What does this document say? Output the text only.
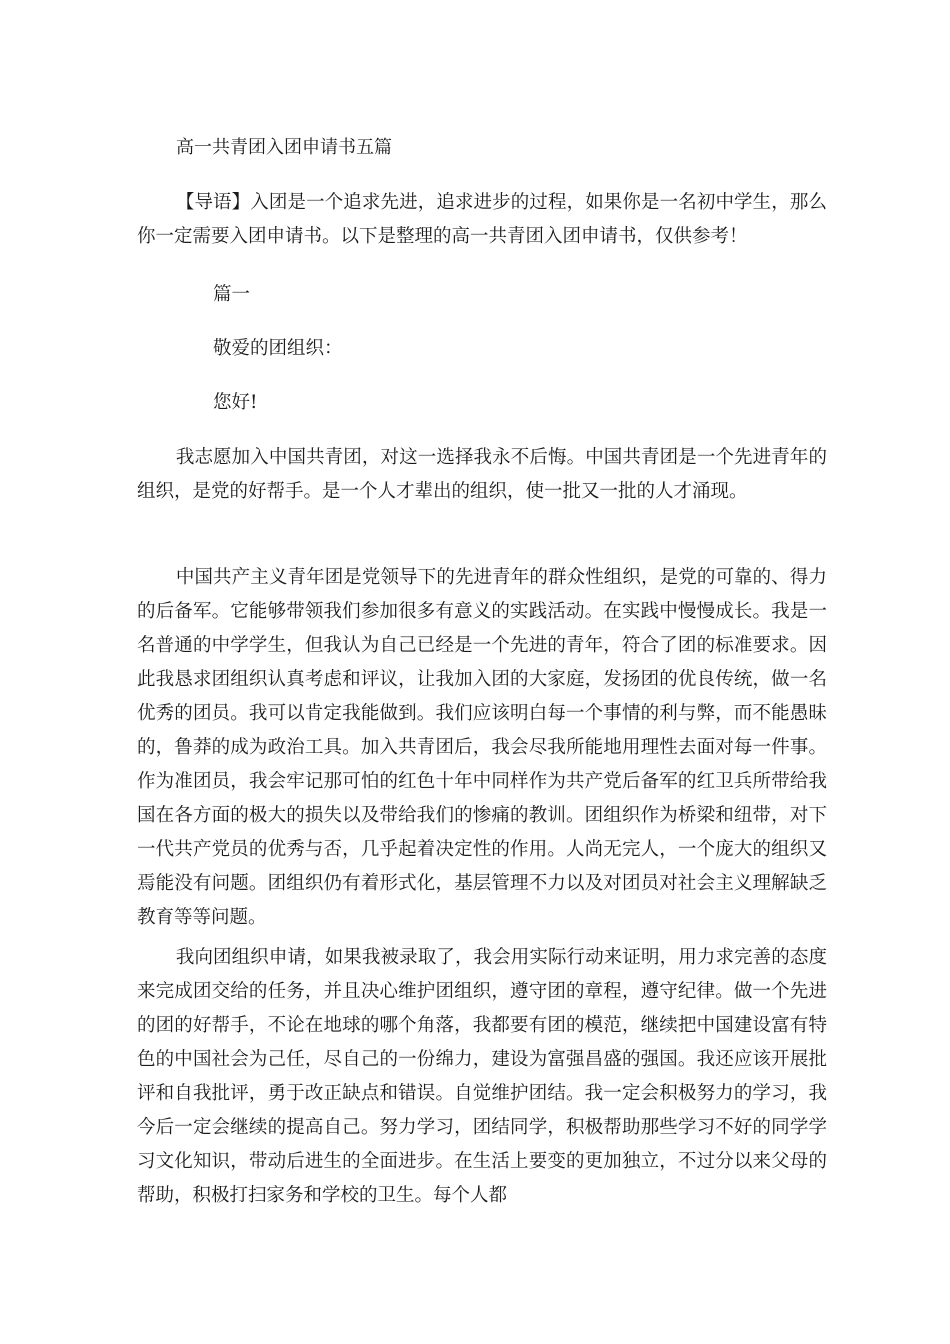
高一共青团入团申请书五篇

【导语】入团是一个追求先进，追求进步的过程，如果你是一名初中学生，那么你一定需要入团申请书。以下是整理的高一共青团入团申请书，仅供参考！

篇一
敬爱的团组织：
您好!

我志愿加入中国共青团，对这一选择我永不后悔。中国共青团是一个先进青年的组织，是党的好帮手。是一个人才辈出的组织，使一批又一批的人才涌现。

中国共产主义青年团是党领导下的先进青年的群众性组织，是党的可靠的、得力的后备军。它能够带领我们参加很多有意义的实践活动。在实践中慢慢成长。我是一名普通的中学学生，但我认为自己已经是一个先进的青年，符合了团的标准要求。因此我恳求团组织认真考虑和评议，让我加入团的大家庭，发扬团的优良传统，做一名优秀的团员。我可以肯定我能做到。我们应该明白每一个事情的利与弊，而不能愚昧的，鲁莽的成为政治工具。加入共青团后，我会尽我所能地用理性去面对每一件事。作为准团员，我会牢记那可怕的红色十年中同样作为共产党后备军的红卫兵所带给我国在各方面的极大的损失以及带给我们的惨痛的教训。团组织作为桥梁和纽带，对下一代共产党员的优秀与否，几乎起着决定性的作用。人尚无完人，一个庞大的组织又焉能没有问题。团组织仍有着形式化，基层管理不力以及对团员对社会主义理解缺乏教育等等问题。

我向团组织申请，如果我被录取了，我会用实际行动来证明，用力求完善的态度来完成团交给的任务，并且决心维护团组织，遵守团的章程，遵守纪律。做一个先进的团的好帮手，不论在地球的哪个角落，我都要有团的模范，继续把中国建设富有特色的中国社会为己任，尽自己的一份绵力，建设为富强昌盛的强国。我还应该开展批评和自我批评，勇于改正缺点和错误。自觉维护团结。我一定会积极努力的学习，我今后一定会继续的提高自己。努力学习，团结同学，积极帮助那些学习不好的同学学习文化知识，带动后进生的全面进步。在生活上要变的更加独立，不过分以来父母的帮助，积极打扫家务和学校的卫生。每个人都
